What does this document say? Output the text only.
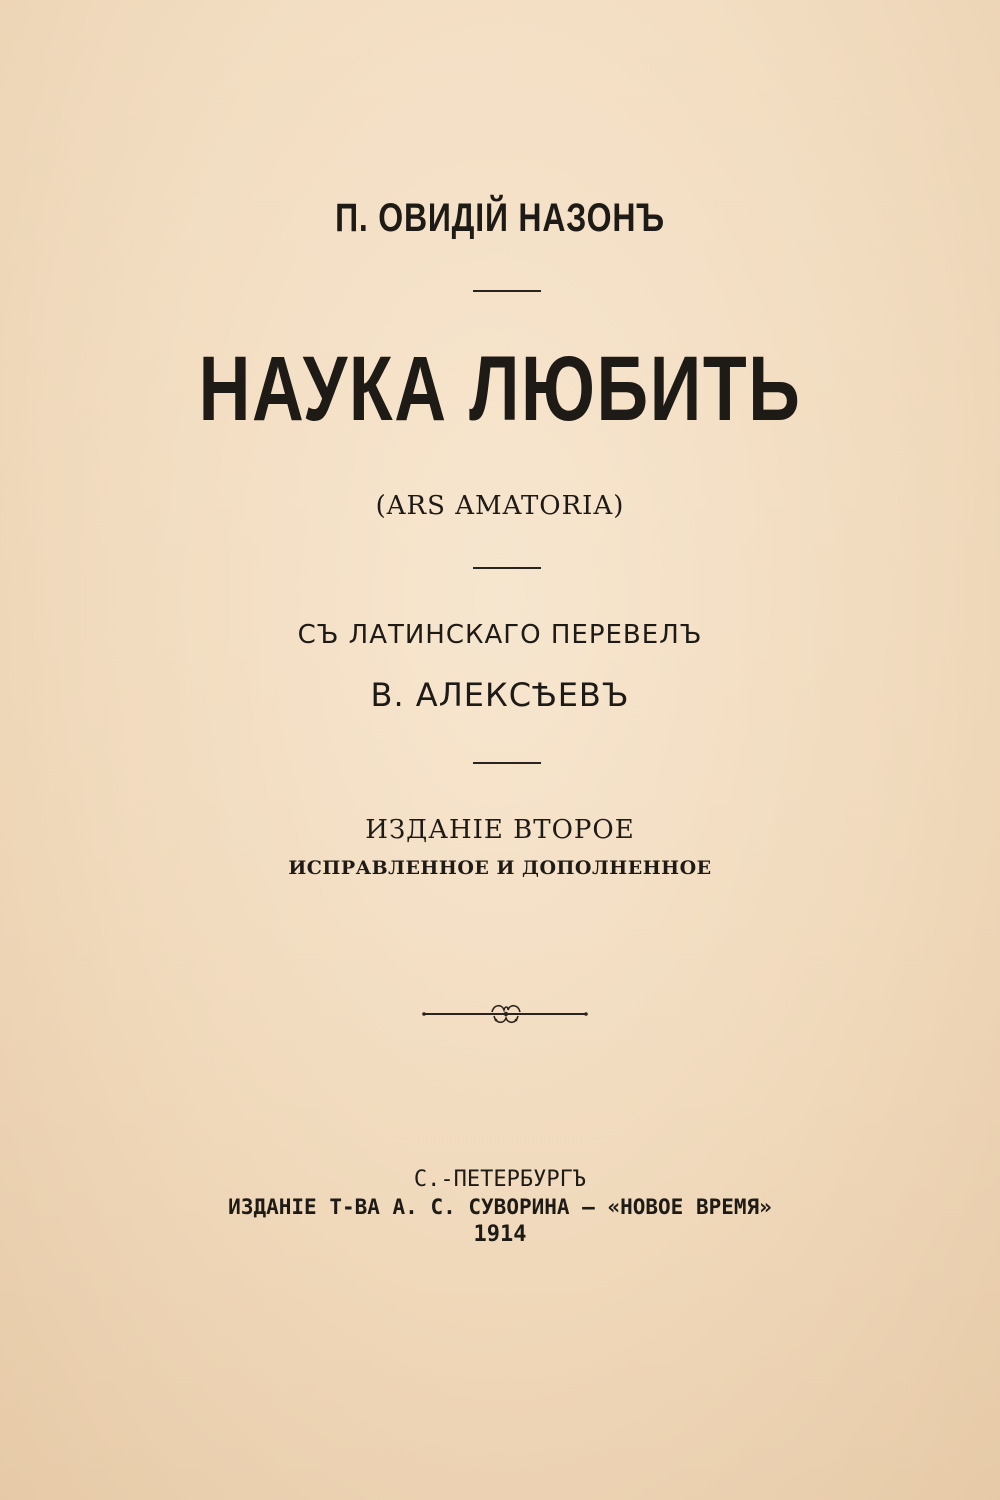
П. ОВИДІЙ НАЗОНЪ
НАУКА ЛЮБИТЬ
(ARS AMATORIA)
СЪ ЛАТИНСКАГО ПЕРЕВЕЛЪ
В. АЛЕКСѢЕВЪ
ИЗДАНІЕ ВТОРОЕ
ИСПРАВЛЕННОЕ И ДОПОЛНЕННОЕ
С.-ПЕТЕРБУРГЪ
ИЗДАНІЕ Т-ВА А. С. СУВОРИНА — «НОВОЕ ВРЕМЯ»
1914
